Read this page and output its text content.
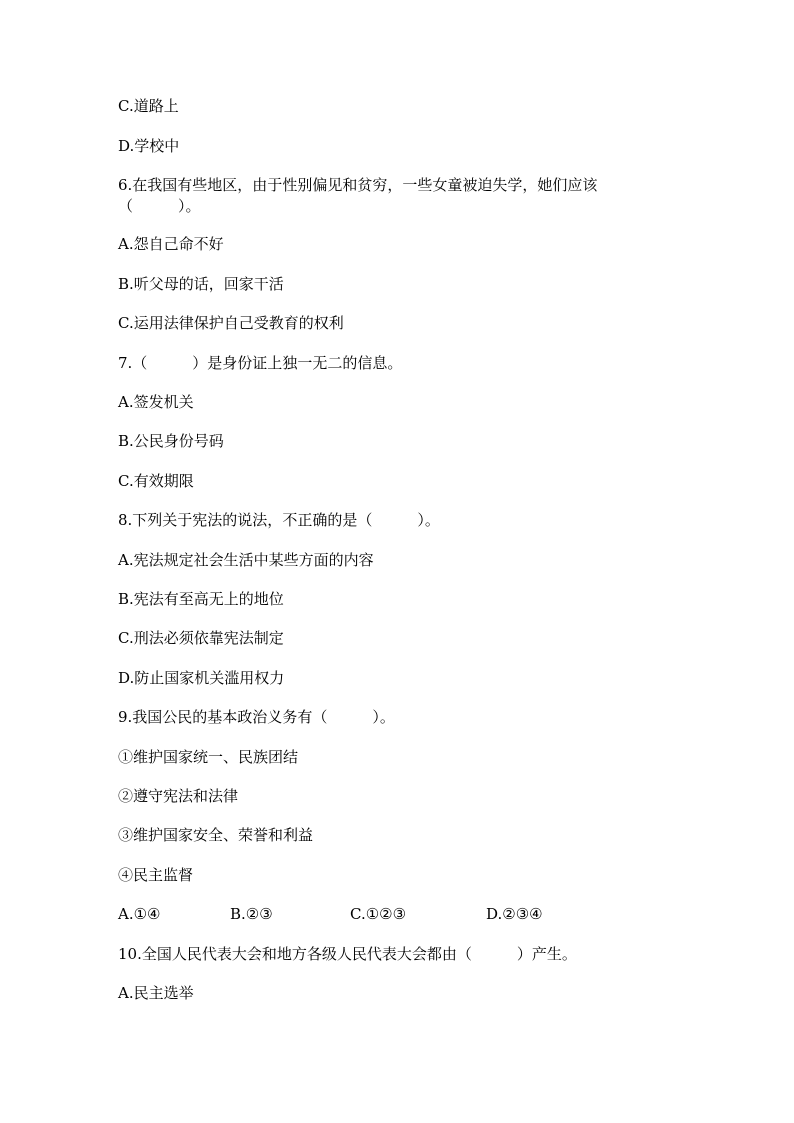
C.道路上
D.学校中
6.在我国有些地区，由于性别偏见和贫穷，一些女童被迫失学，她们应该
（　　　）。
A.怨自己命不好
B.听父母的话，回家干活
C.运用法律保护自己受教育的权利
7.（　　　）是身份证上独一无二的信息。
A.签发机关
B.公民身份号码
C.有效期限
8.下列关于宪法的说法，不正确的是（　　　）。
A.宪法规定社会生活中某些方面的内容
B.宪法有至高无上的地位
C.刑法必须依靠宪法制定
D.防止国家机关滥用权力
9.我国公民的基本政治义务有（　　　）。
①维护国家统一、民族团结
②遵守宪法和法律
③维护国家安全、荣誉和利益
④民主监督

A.①④

	B.②③

	C.①②③

	D.②③④

10.全国人民代表大会和地方各级人民代表大会都由（　　　）产生。
A.民主选举
